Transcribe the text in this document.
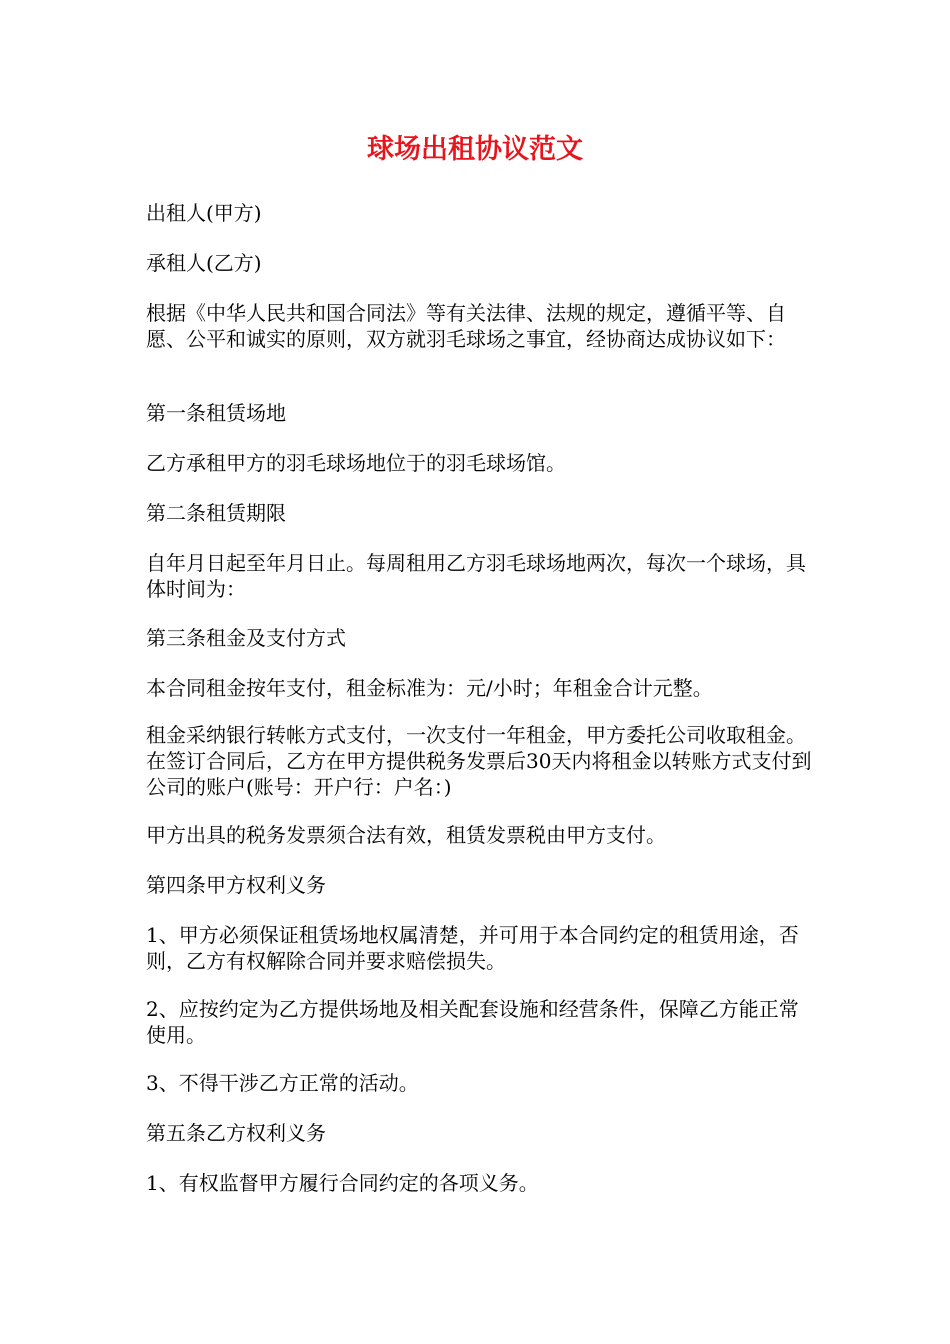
球场出租协议范文

出租人(甲方)

承租人(乙方)

根据《中华人民共和国合同法》等有关法律、法规的规定，遵循平等、自愿、公平和诚实的原则，双方就羽毛球场之事宜，经协商达成协议如下：

第一条租赁场地

乙方承租甲方的羽毛球场地位于的羽毛球场馆。

第二条租赁期限

自年月日起至年月日止。每周租用乙方羽毛球场地两次，每次一个球场，具体时间为：

第三条租金及支付方式

本合同租金按年支付，租金标准为：元/小时；年租金合计元整。

租金采纳银行转帐方式支付，一次支付一年租金，甲方委托公司收取租金。在签订合同后，乙方在甲方提供税务发票后30天内将租金以转账方式支付到公司的账户(账号：开户行：户名：)

甲方出具的税务发票须合法有效，租赁发票税由甲方支付。

第四条甲方权利义务

1、甲方必须保证租赁场地权属清楚，并可用于本合同约定的租赁用途，否则，乙方有权解除合同并要求赔偿损失。

2、应按约定为乙方提供场地及相关配套设施和经营条件，保障乙方能正常使用。

3、不得干涉乙方正常的活动。

第五条乙方权利义务

1、有权监督甲方履行合同约定的各项义务。
